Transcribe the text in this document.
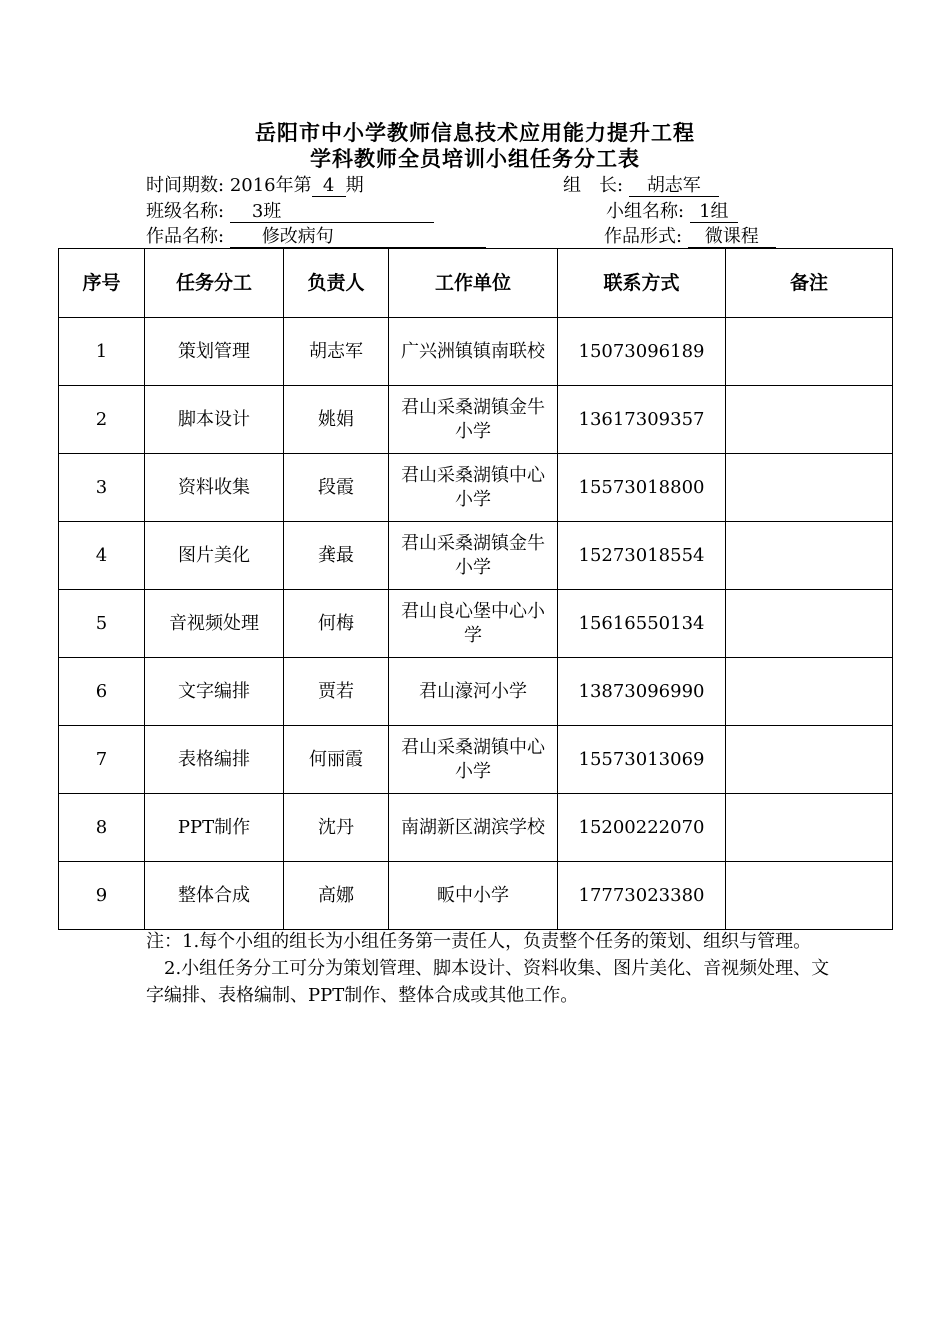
岳阳市中小学教师信息技术应用能力提升工程
学科教师全员培训小组任务分工表
时间期数: 2016年第 4 期	组　长: 胡志军
班级名称: 3班	小组名称: 1组
作品名称: 修改病句	作品形式: 微课程
序号	任务分工	负责人	工作单位	联系方式	备注
1	策划管理	胡志军	广兴洲镇镇南联校	15073096189	
2	脚本设计	姚娟	君山采桑湖镇金牛小学	13617309357	
3	资料收集	段霞	君山采桑湖镇中心小学	15573018800	
4	图片美化	龚最	君山采桑湖镇金牛小学	15273018554	
5	音视频处理	何梅	君山良心堡中心小学	15616550134	
6	文字编排	贾若	君山濠河小学	13873096990	
7	表格编排	何丽霞	君山采桑湖镇中心小学	15573013069	
8	PPT制作	沈丹	南湖新区湖滨学校	15200222070	
9	整体合成	高娜	畈中小学	17773023380	

注：1.每个小组的组长为小组任务第一责任人，负责整个任务的策划、组织与管理。

　2.小组任务分工可分为策划管理、脚本设计、资料收集、图片美化、音视频处理、文字编排、表格编制、PPT制作、整体合成或其他工作。
